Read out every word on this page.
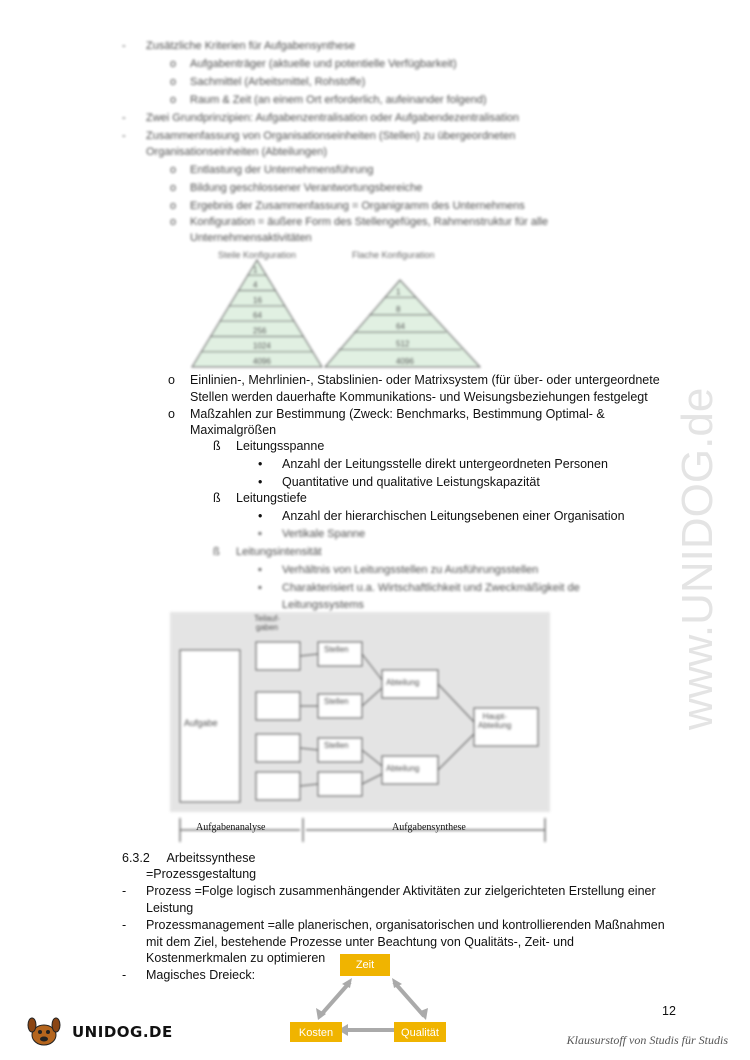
- Zusätzliche Kriterien für Aufgabensynthese
o Aufgabenträger (aktuelle und potentielle Verfügbarkeit)
o Sachmittel (Arbeitsmittel, Rohstoffe)
o Raum & Zeit (an einem Ort erforderlich, aufeinander folgend)
- Zwei Grundprinzipien: Aufgabenzentralisation oder Aufgabendezentralisation
- Zusammenfassung von Organisationseinheiten (Stellen) zu übergeordneten
Organisationseinheiten (Abteilungen)
o Entlastung der Unternehmensführung
o Bildung geschlossener Verantwortungsbereiche
o Ergebnis der Zusammenfassung = Organigramm des Unternehmens
o Konfiguration = äußere Form des Stellengefüges, Rahmenstruktur für alle
Unternehmensaktivitäten
Steile Konfiguration	Flache Konfiguration
1
4
16
64
256
1024
4096
1
8
64
512
4096
o Einlinien-, Mehrlinien-, Stabslinien- oder Matrixsystem (für über- oder untergeordnete
Stellen werden dauerhafte Kommunikations- und Weisungsbeziehungen festgelegt
o Maßzahlen zur Bestimmung (Zweck: Benchmarks, Bestimmung Optimal- &
Maximalgrößen
ß Leitungsspanne
• Anzahl der Leitungsstelle direkt untergeordneten Personen
• Quantitative und qualitative Leistungskapazität
ß Leitungstiefe
• Anzahl der hierarchischen Leitungsebenen einer Organisation
• Vertikale Spanne
ß Leitungsintensität
• Verhältnis von Leitungsstellen zu Ausführungsstellen
• Charakterisiert u.a. Wirtschaftlichkeit und Zweckmäßigkeit de
Leitungssystems
Teilauf-
gaben
Aufgabe
Stellen
Stellen
Stellen
Abteilung
Abteilung
Haupt-
Abteilung
Aufgabenanalyse	Aufgabensynthese
6.3.2     Arbeitssynthese
=Prozessgestaltung
- Prozess =Folge logisch zusammenhängender Aktivitäten zur zielgerichteten Erstellung einer
Leistung
- Prozessmanagement =alle planerischen, organisatorischen und kontrollierenden Maßnahmen
mit dem Ziel, bestehende Prozesse unter Beachtung von Qualitäts-, Zeit- und
Kostenmerkmalen zu optimieren
- Magisches Dreieck:
Zeit
Kosten	Qualität
www.UNIDOG.de
12
UNIDOG.DE	Klausurstoff von Studis für Studis
